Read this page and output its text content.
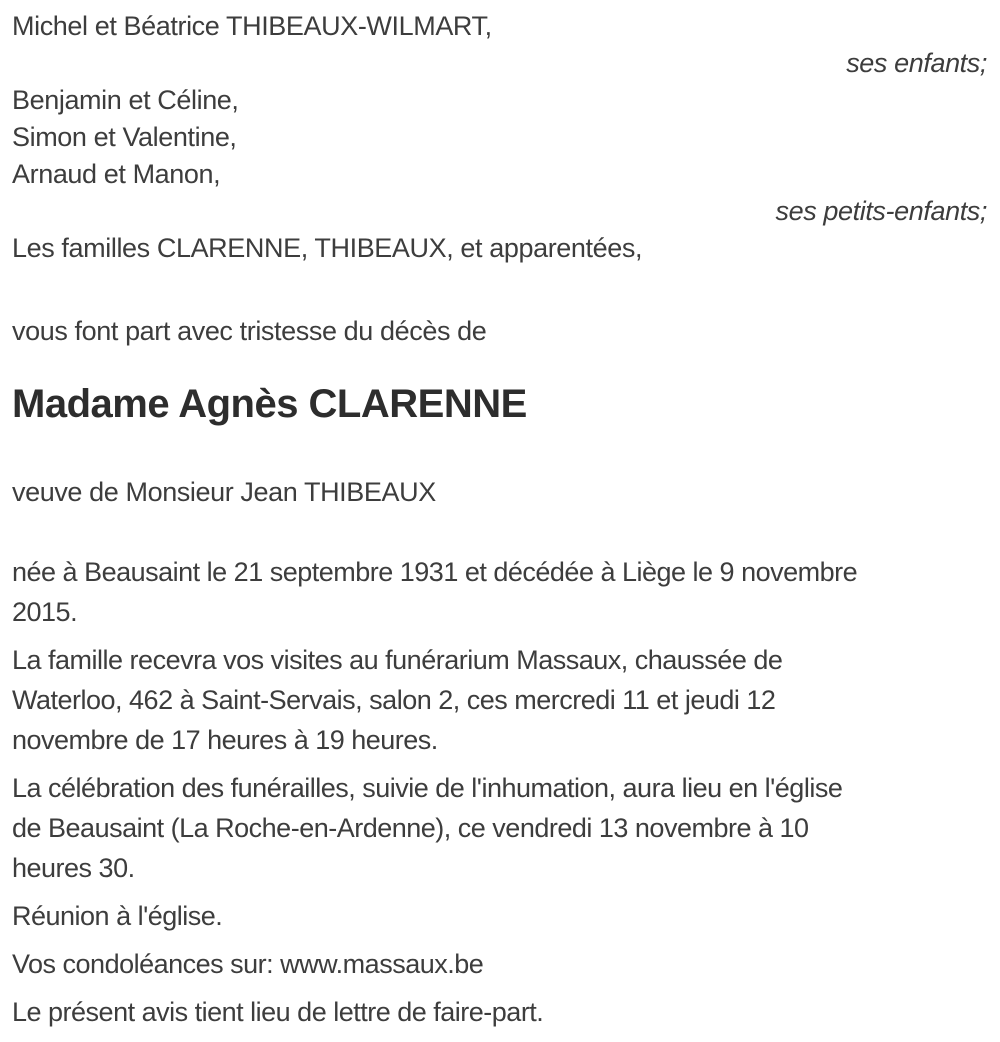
Michel et Béatrice THIBEAUX-WILMART,
ses enfants;
Benjamin et Céline,
Simon et Valentine,
Arnaud et Manon,
ses petits-enfants;
Les familles CLARENNE, THIBEAUX, et apparentées,

vous font part avec tristesse du décès de

Madame Agnès CLARENNE

veuve de Monsieur Jean THIBEAUX

née à Beausaint le 21 septembre 1931 et décédée à Liège le 9 novembre
2015.

La famille recevra vos visites au funérarium Massaux, chaussée de
Waterloo, 462 à Saint-Servais, salon 2, ces mercredi 11 et jeudi 12
novembre de 17 heures à 19 heures.

La célébration des funérailles, suivie de l'inhumation, aura lieu en l'église
de Beausaint (La Roche-en-Ardenne), ce vendredi 13 novembre à 10
heures 30.

Réunion à l'église.

Vos condoléances sur: www.massaux.be

Le présent avis tient lieu de lettre de faire-part.
